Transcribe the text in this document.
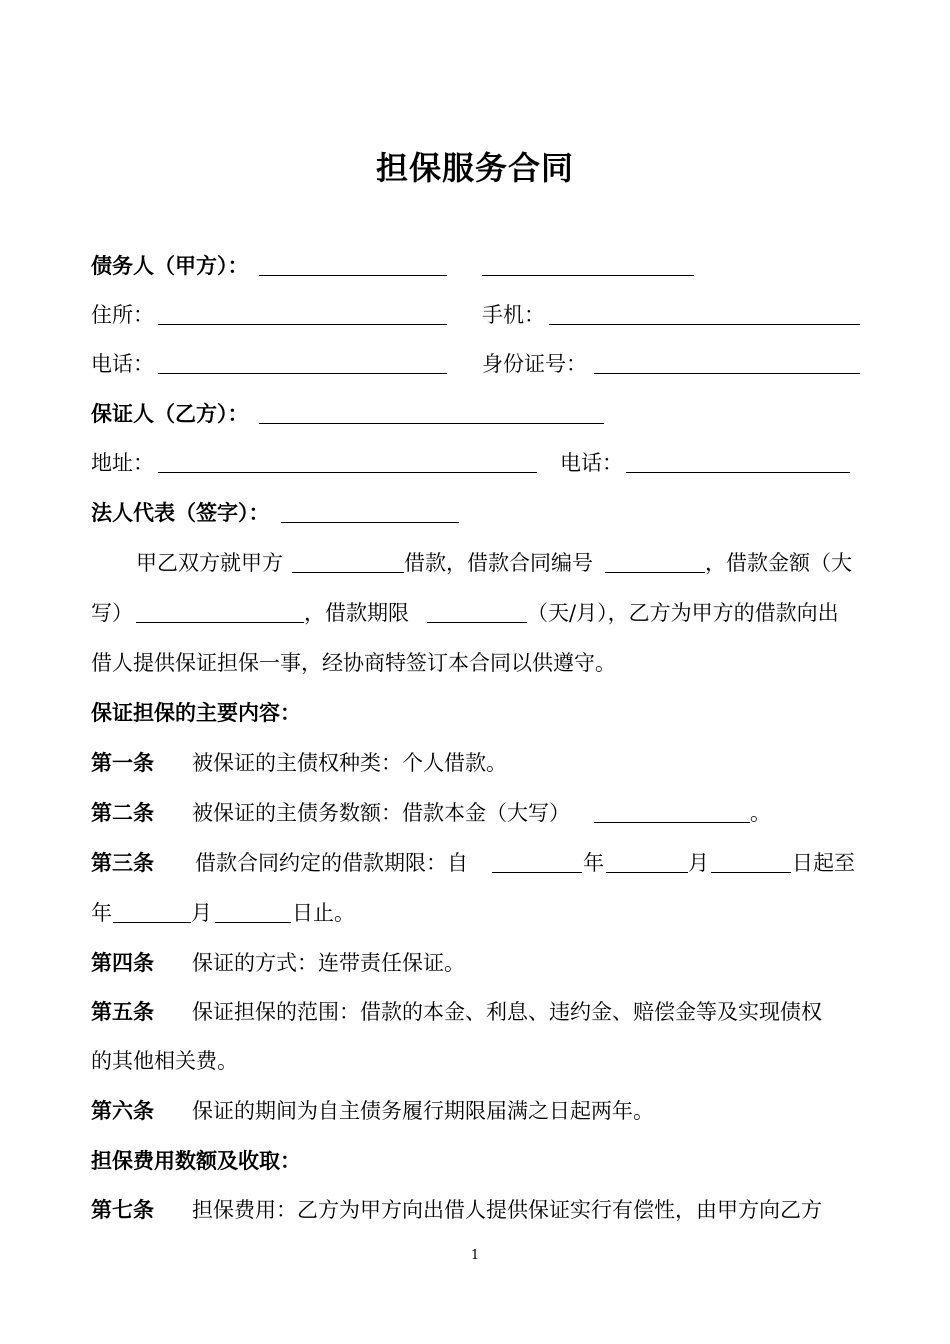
担保服务合同
债务人（甲方）：
住所：	手机：
电话：	身份证号：
保证人（乙方）：
地址：	电话：
法人代表（签字）：
甲乙双方就甲方	借款，借款合同编号	，借款金额（大
写）	，借款期限	（天/月），乙方为甲方的借款向出
借人提供保证担保一事，经协商特签订本合同以供遵守。
保证担保的主要内容：
第一条 被保证的主债权种类：个人借款。
第二条 被保证的主债务数额：借款本金（大写）	。
第三条 借款合同约定的借款期限：自	年	月	日起至
年	月	日止。
第四条 保证的方式：连带责任保证。
第五条 保证担保的范围：借款的本金、利息、违约金、赔偿金等及实现债权
的其他相关费。
第六条 保证的期间为自主债务履行期限届满之日起两年。
担保费用数额及收取：
第七条 担保费用：乙方为甲方向出借人提供保证实行有偿性，由甲方向乙方
1
